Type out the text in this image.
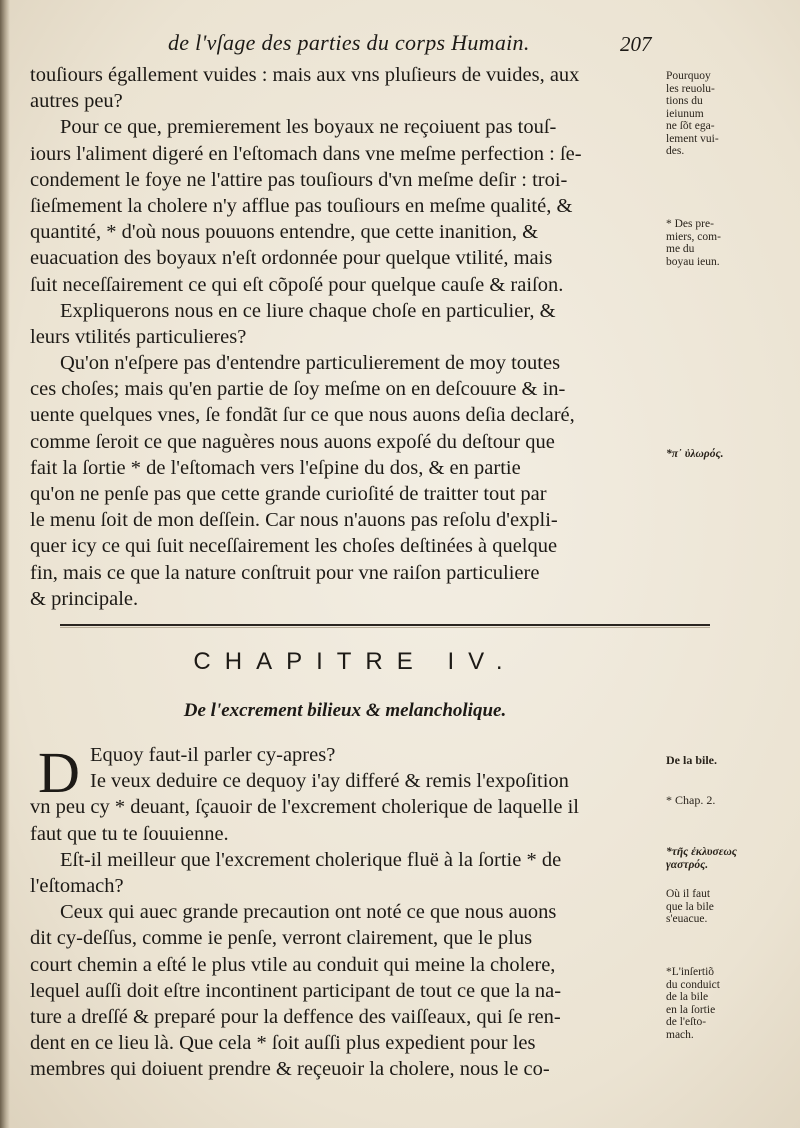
de l'vſage des parties du corps Humain.	207
touſiours égallement vuides : mais aux vns pluſieurs de vuides, aux
autres peu?
Pour ce que, premierement les boyaux ne reçoiuent pas touſ-
iours l'aliment digeré en l'eſtomach dans vne meſme perfection : ſe-
condement le foye ne l'attire pas touſiours d'vn meſme deſir : troi-
ſieſmement la cholere n'y afflue pas touſiours en meſme qualité, &
quantité, * d'où nous pouuons entendre, que cette inanition, &
euacuation des boyaux n'eſt ordonnée pour quelque vtilité, mais
ſuit neceſſairement ce qui eſt cõpoſé pour quelque cauſe & raiſon.
Expliquerons nous en ce liure chaque choſe en particulier, &
leurs vtilités particulieres?
Qu'on n'eſpere pas d'entendre particulierement de moy toutes
ces choſes; mais qu'en partie de ſoy meſme on en deſcouure & in-
uente quelques vnes, ſe fondãt ſur ce que nous auons deſia declaré,
comme ſeroit ce que naguères nous auons expoſé du deſtour que
fait la ſortie * de l'eſtomach vers l'eſpine du dos, & en partie
qu'on ne penſe pas que cette grande curioſité de traitter tout par
le menu ſoit de mon deſſein. Car nous n'auons pas reſolu d'expli-
quer icy ce qui ſuit neceſſairement les choſes deſtinées à quelque
fin, mais ce que la nature conſtruit pour vne raiſon particuliere
& principale.
Pourquoy
les reuolu-
tions du
ieiunum
ne ſõt ega-
lement vui-
des.
* Des pre-
miers, com-
me du
boyau ieun.
*π᾿ ὑλωρός.
CHAPITRE IV.
De l'excrement bilieux & melancholique.
D Equoy faut-il parler cy-apres?
Ie veux deduire ce dequoy i'ay differé & remis l'expoſition
vn peu cy * deuant, ſçauoir de l'excrement cholerique de laquelle il
faut que tu te ſouuienne.
Eſt-il meilleur que l'excrement cholerique fluë à la ſortie * de
l'eſtomach?
Ceux qui auec grande precaution ont noté ce que nous auons
dit cy-deſſus, comme ie penſe, verront clairement, que le plus
court chemin a eſté le plus vtile au conduit qui meine la cholere,
lequel auſſi doit eſtre incontinent participant de tout ce que la na-
ture a dreſſé & preparé pour la deffence des vaiſſeaux, qui ſe ren-
dent en ce lieu là. Que cela * ſoit auſſi plus expedient pour les
membres qui doiuent prendre & reçeuoir la cholere, nous le co-
De la bile.
* Chap. 2.
*τῆς ἐκλυσεως
γαστρός.
Où il faut
que la bile
s'euacue.
*L'inſertiõ
du conduict
de la bile
en la ſortie
de l'eſto-
mach.
